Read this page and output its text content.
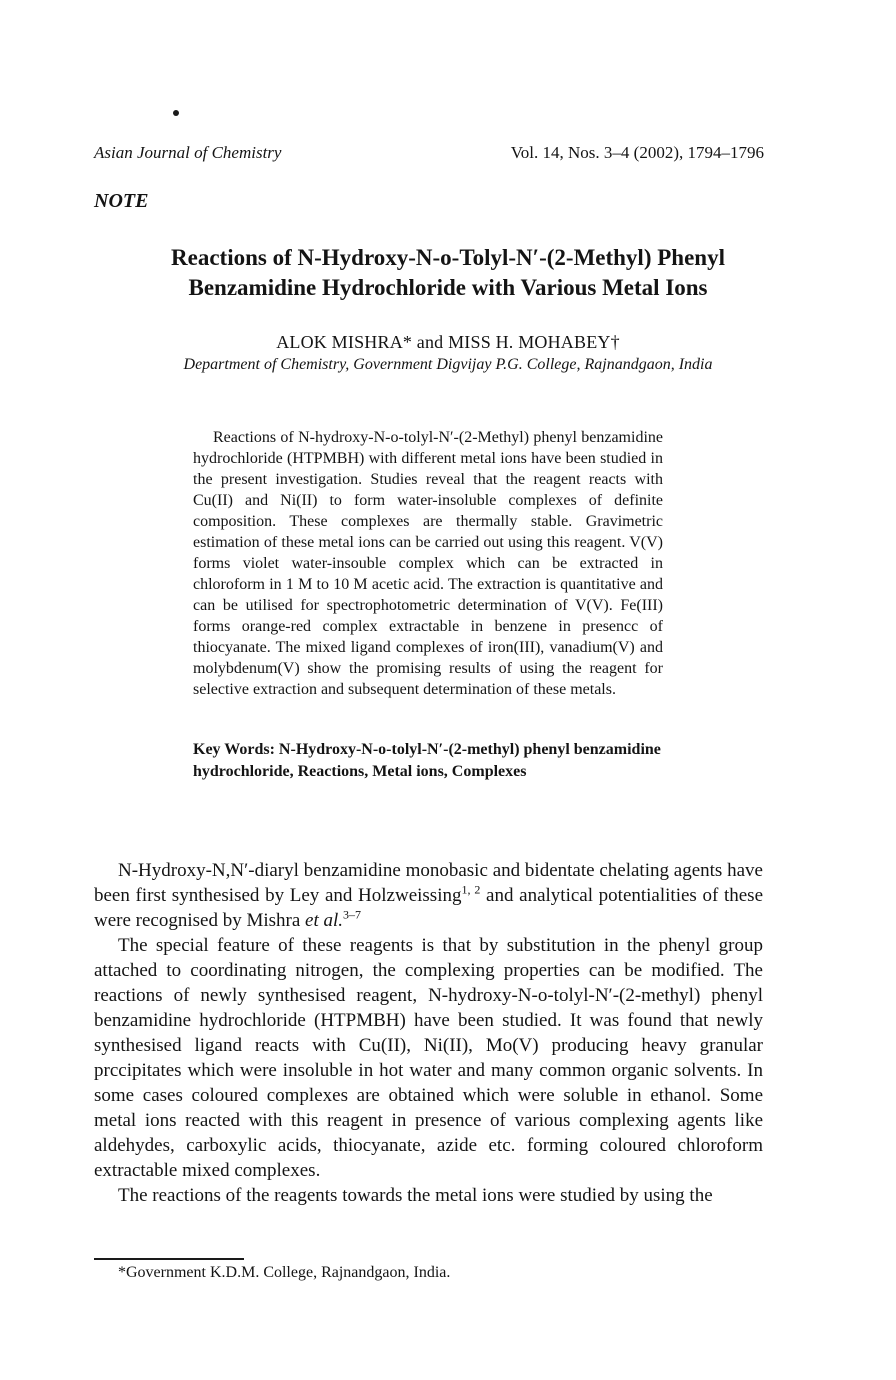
Asian Journal of Chemistry	Vol. 14, Nos. 3–4 (2002), 1794–1796
NOTE
Reactions of N-Hydroxy-N-o-Tolyl-N′-(2-Methyl) Phenyl
Benzamidine Hydrochloride with Various Metal Ions
ALOK MISHRA* and MISS H. MOHABEY†
Department of Chemistry, Government Digvijay P.G. College, Rajnandgaon, India

Reactions of N-hydroxy-N-o-tolyl-N′-(2-Methyl) phenyl benzamidine hydrochloride (HTPMBH) with different metal ions have been studied in the present investigation. Studies reveal that the reagent reacts with Cu(II) and Ni(II) to form water-insoluble complexes of definite composition. These complexes are thermally stable. Gravimetric estimation of these metal ions can be carried out using this reagent. V(V) forms violet water-insouble complex which can be extracted in chloroform in 1 M to 10 M acetic acid. The extraction is quantitative and can be utilised for spectrophotometric determination of V(V). Fe(III) forms orange-red complex extractable in benzene in presencc of thiocyanate. The mixed ligand complexes of iron(III), vanadium(V) and molybdenum(V) show the promising results of using the reagent for selective extraction and subsequent determination of these metals.

Key Words: N-Hydroxy-N-o-tolyl-N′-(2-methyl) phenyl benzamidine hydrochloride, Reactions, Metal ions, Complexes

N-Hydroxy-N,N′-diaryl benzamidine monobasic and bidentate chelating agents have been first synthesised by Ley and Holzweissing$^{1, 2}$ and analytical potentialities of these were recognised by Mishra et al.$^{3-7}$

The special feature of these reagents is that by substitution in the phenyl group attached to coordinating nitrogen, the complexing properties can be modified. The reactions of newly synthesised reagent, N-hydroxy-N-o-tolyl-N′-(2-methyl) phenyl benzamidine hydrochloride (HTPMBH) have been studied. It was found that newly synthesised ligand reacts with Cu(II), Ni(II), Mo(V) producing heavy granular prccipitates which were insoluble in hot water and many common organic solvents. In some cases coloured complexes are obtained which were soluble in ethanol. Some metal ions reacted with this reagent in presence of various complexing agents like aldehydes, carboxylic acids, thiocyanate, azide etc. forming coloured chloroform extractable mixed complexes.

The reactions of the reagents towards the metal ions were studied by using the

*Government K.D.M. College, Rajnandgaon, India.
